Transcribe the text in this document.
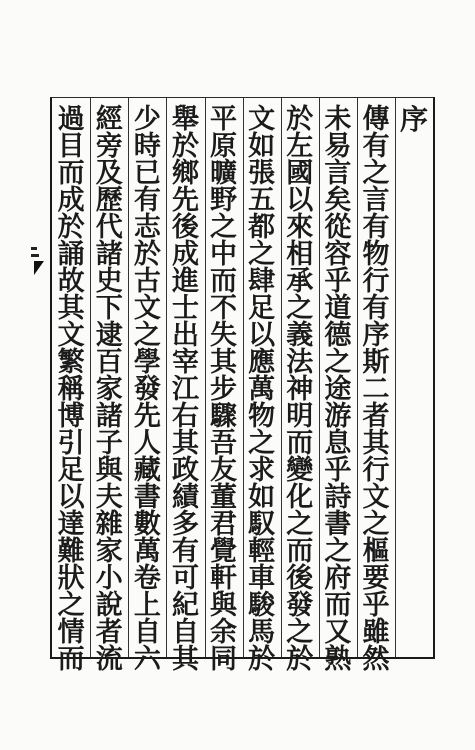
序
傳
有
之
言
有
物
行
有
序
斯
二
者
其
行
文
之
樞
要
乎
雖
然
未
易
言
矣
從
容
乎
道
德
之
途
游
息
乎
詩
書
之
府
而
又
熟
於
左
國
以
來
相
承
之
義
法
神
明
而
變
化
之
而
後
發
之
於
文
如
張
五
都
之
肆
足
以
應
萬
物
之
求
如
馭
輕
車
駿
馬
於
平
原
曠
野
之
中
而
不
失
其
步
驟
吾
友
董
君
覺
軒
與
余
同
舉
於
鄉
先
後
成
進
士
出
宰
江
右
其
政
績
多
有
可
紀
自
其
少
時
已
有
志
於
古
文
之
學
發
先
人
藏
書
數
萬
卷
上
自
六
經
旁
及
歷
代
諸
史
下
逮
百
家
諸
子
與
夫
雜
家
小
說
者
流
過
目
而
成
於
誦
故
其
文
繁
稱
博
引
足
以
達
難
狀
之
情
而
